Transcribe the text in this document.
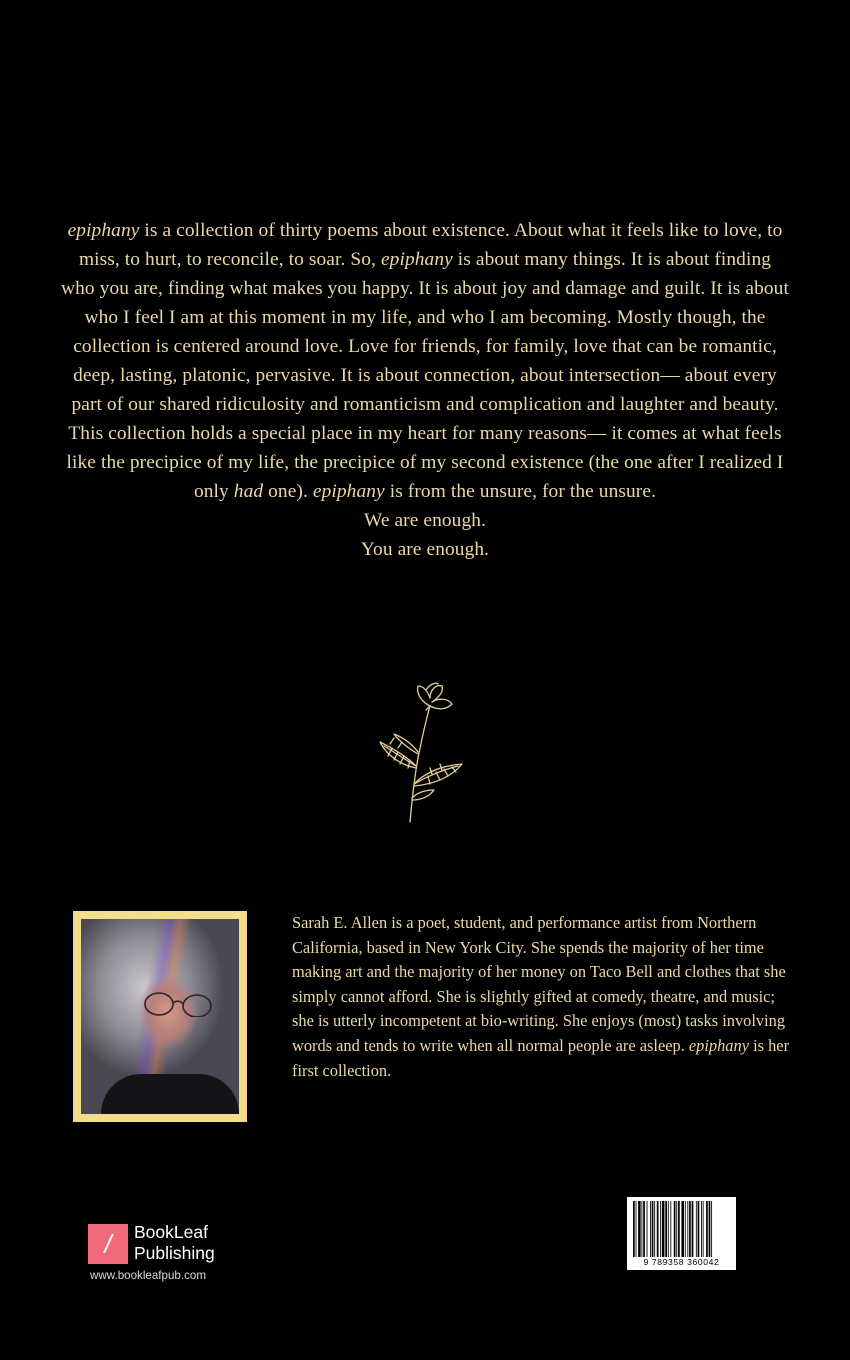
epiphany is a collection of thirty poems about existence. About what it feels like to love, to miss, to hurt, to reconcile, to soar. So, epiphany is about many things. It is about finding who you are, finding what makes you happy. It is about joy and damage and guilt. It is about who I feel I am at this moment in my life, and who I am becoming. Mostly though, the collection is centered around love. Love for friends, for family, love that can be romantic, deep, lasting, platonic, pervasive. It is about connection, about intersection— about every part of our shared ridiculosity and romanticism and complication and laughter and beauty. This collection holds a special place in my heart for many reasons— it comes at what feels like the precipice of my life, the precipice of my second existence (the one after I realized I only had one). epiphany is from the unsure, for the unsure.

We are enough.

You are enough.

Sarah E. Allen is a poet, student, and performance artist from Northern California, based in New York City. She spends the majority of her time making art and the majority of her money on Taco Bell and clothes that she simply cannot afford. She is slightly gifted at comedy, theatre, and music; she is utterly incompetent at bio-writing. She enjoys (most) tasks involving words and tends to write when all normal people are asleep. epiphany is her first collection.

/	BookLeaf
Publishing
www.bookleafpub.com
9 789358 360042
